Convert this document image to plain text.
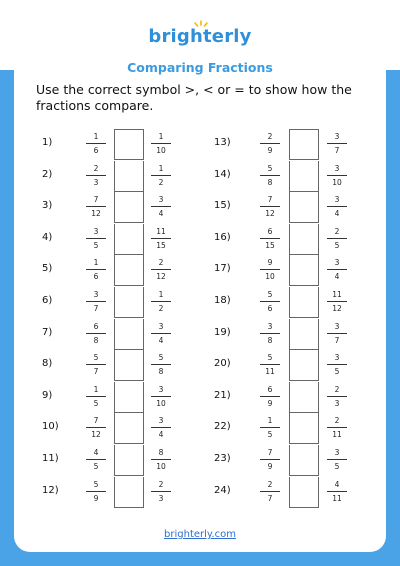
brighterly
Comparing Fractions
Use the correct symbol >, < or = to show how the fractions compare.
1)
1
6
1
10
2)
2
3
1
2
3)
7
12
3
4
4)
3
5
11
15
5)
1
6
2
12
6)
3
7
1
2
7)
6
8
3
4
8)
5
7
5
8
9)
1
5
3
10
10)
7
12
3
4
11)
4
5
8
10
12)
5
9
2
3
13)
2
9
3
7
14)
5
8
3
10
15)
7
12
3
4
16)
6
15
2
5
17)
9
10
3
4
18)
5
6
11
12
19)
3
8
3
7
20)
5
11
3
5
21)
6
9
2
3
22)
1
5
2
11
23)
7
9
3
5
24)
2
7
4
11
brighterly.com
